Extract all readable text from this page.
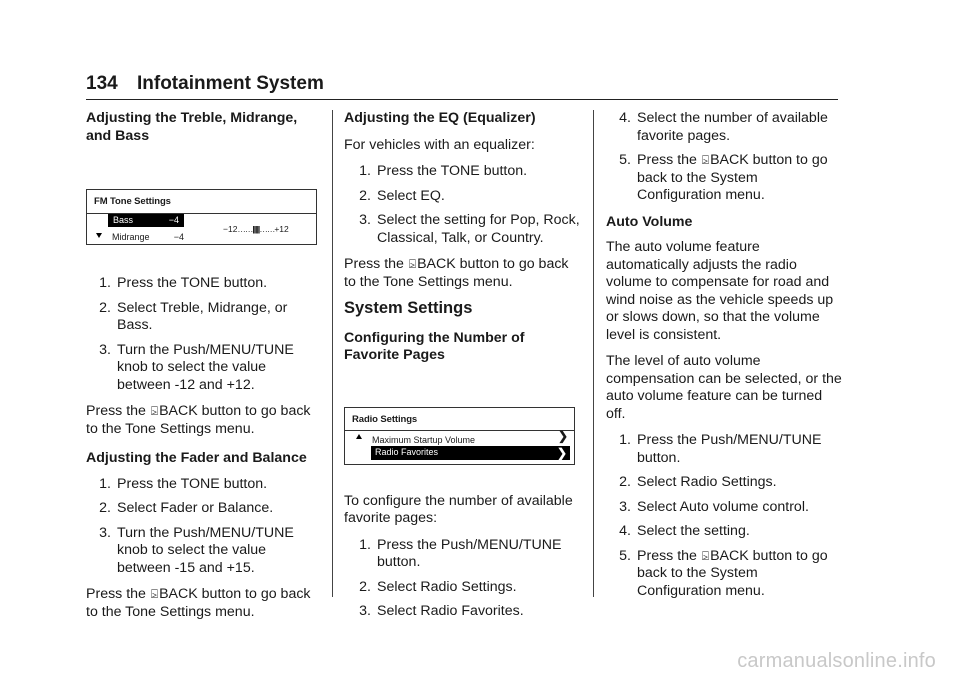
134 Infotainment System
Adjusting the Treble, Midrange, and Bass
FM Tone Settings
Bass	−4
Midrange	−4
−12 …… ||||| …… +12
1. Press the TONE button.
2. Select Treble, Midrange, or Bass.
3. Turn the Push/MENU/TUNE knob to select the value between -12 and +12.

Press the ⍄BACK button to go back to the Tone Settings menu.

Adjusting the Fader and Balance
1. Press the TONE button.
2. Select Fader or Balance.
3. Turn the Push/MENU/TUNE knob to select the value between -15 and +15.

Press the ⍄BACK button to go back to the Tone Settings menu.

Adjusting the EQ (Equalizer)

For vehicles with an equalizer:

1. Press the TONE button.
2. Select EQ.
3. Select the setting for Pop, Rock, Classical, Talk, or Country.

Press the ⍄BACK button to go back to the Tone Settings menu.

System Settings
Configuring the Number of Favorite Pages
Radio Settings
Maximum Startup Volume	❯
Radio Favorites	❯

To configure the number of available favorite pages:

1. Press the Push/MENU/TUNE button.
2. Select Radio Settings.
3. Select Radio Favorites.
4. Select the number of available favorite pages.
5. Press the ⍄BACK button to go back to the System Configuration menu.
Auto Volume

The auto volume feature automatically adjusts the radio volume to compensate for road and wind noise as the vehicle speeds up or slows down, so that the volume level is consistent.

The level of auto volume compensation can be selected, or the auto volume feature can be turned off.

1. Press the Push/MENU/TUNE button.
2. Select Radio Settings.
3. Select Auto volume control.
4. Select the setting.
5. Press the ⍄BACK button to go back to the System Configuration menu.
carmanualsonline.info
